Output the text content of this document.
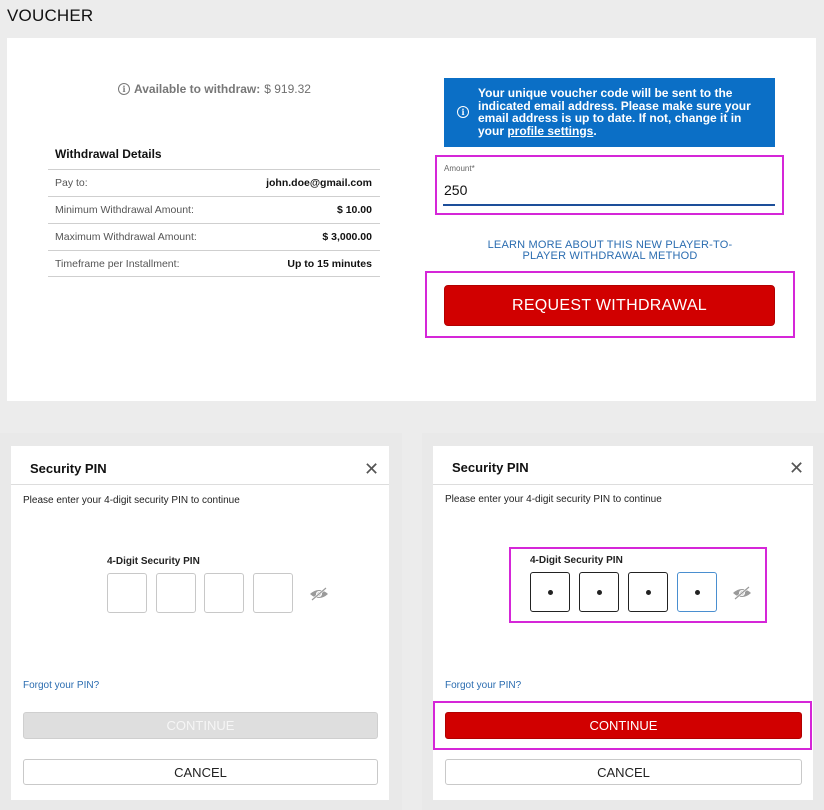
VOUCHER
i Available to withdraw: $ 919.32
Withdrawal Details
Pay to:	john.doe@gmail.com
Minimum Withdrawal Amount:	$ 10.00
Maximum Withdrawal Amount:	$ 3,000.00
Timeframe per Installment:	Up to 15 minutes
i
Your unique voucher code will be sent to the indicated email address. Please make sure your email address is up to date. If not, change it in your profile settings.
Amount*
250
LEARN MORE ABOUT THIS NEW PLAYER-TO-
PLAYER WITHDRAWAL METHOD
REQUEST WITHDRAWAL
Security PIN	✕
Please enter your 4-digit security PIN to continue
4-Digit Security PIN
Forgot your PIN?
CONTINUE
CANCEL
Security PIN	✕
Please enter your 4-digit security PIN to continue
4-Digit Security PIN
Forgot your PIN?
CONTINUE
CANCEL
